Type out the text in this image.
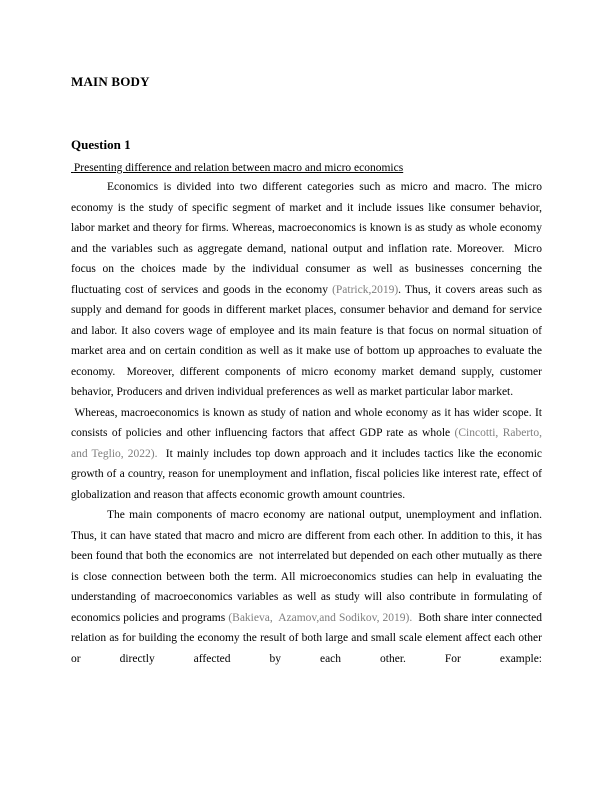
MAIN BODY
Question 1
Presenting difference and relation between macro and micro economics

Economics is divided into two different categories such as micro and macro. The micro economy is the study of specific segment of market and it include issues like consumer behavior, labor market and theory for firms. Whereas, macroeconomics is known is as study as whole economy and the variables such as aggregate demand, national output and inflation rate. Moreover.  Micro focus on the choices made by the individual consumer as well as businesses concerning the   fluctuating cost of services and goods in the economy (Patrick,2019). Thus, it covers areas such as supply and demand for goods in different market places, consumer behavior and demand for service and labor. It also covers wage of employee and its main feature is that focus on normal situation of market area and on certain condition as well as it make use of bottom up approaches to evaluate the economy.  Moreover, different components of micro economy market demand supply, customer behavior, Producers and driven individual preferences as well as market particular labor market.

Whereas, macroeconomics is known as study of nation and whole economy as it has wider scope. It consists of policies and other influencing factors that affect GDP rate as whole (Cincotti, Raberto,  and Teglio, 2022).  It mainly includes top down approach and it includes tactics like the economic growth of a country, reason for unemployment and inflation, fiscal policies like interest rate, effect of globalization and reason that affects economic growth amount countries.

The main components of macro economy are national output, unemployment and inflation. Thus, it can have stated that macro and micro are different from each other. In addition to this, it has been found that both the economics are  not interrelated but depended on each other mutually as there is close connection between both the term. All microeconomics studies can help in evaluating the understanding of macroeconomics variables as well as study will also contribute in formulating of economics policies and programs (Bakieva,  Azamov,and Sodikov, 2019).  Both share inter connected relation as for building the economy the result of both large and small scale element affect each other or directly affected by each other. For example:
